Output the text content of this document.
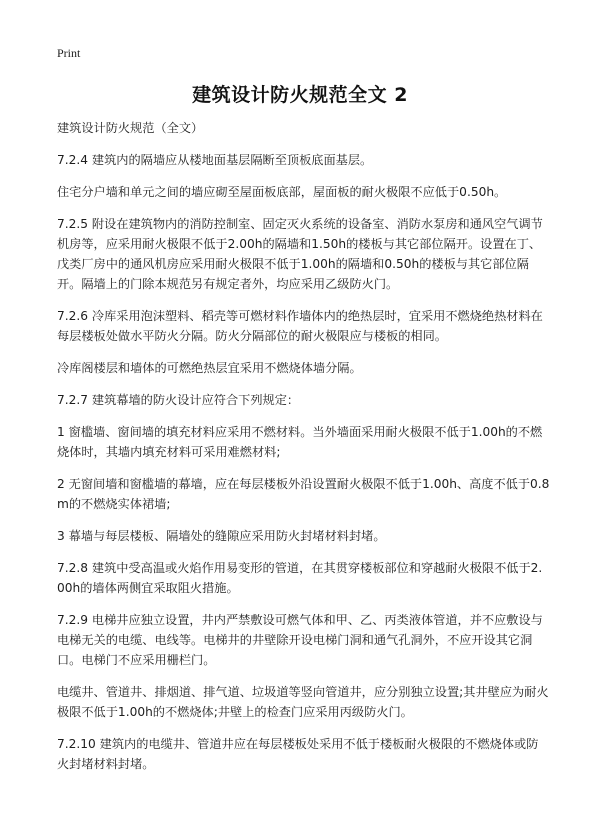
Print
建筑设计防火规范全文 2

建筑设计防火规范（全文）

7.2.4 建筑内的隔墙应从楼地面基层隔断至顶板底面基层。

住宅分户墙和单元之间的墙应砌至屋面板底部，屋面板的耐火极限不应低于0.50h。

7.2.5 附设在建筑物内的消防控制室、固定灭火系统的设备室、消防水泵房和通风空气调节机房等，应采用耐火极限不低于2.00h的隔墙和1.50h的楼板与其它部位隔开。设置在丁、戊类厂房中的通风机房应采用耐火极限不低于1.00h的隔墙和0.50h的楼板与其它部位隔开。隔墙上的门除本规范另有规定者外，均应采用乙级防火门。

7.2.6 冷库采用泡沫塑料、稻壳等可燃材料作墙体内的绝热层时，宜采用不燃烧绝热材料在每层楼板处做水平防火分隔。防火分隔部位的耐火极限应与楼板的相同。

冷库阁楼层和墙体的可燃绝热层宜采用不燃烧体墙分隔。

7.2.7 建筑幕墙的防火设计应符合下列规定：

1 窗槛墙、窗间墙的填充材料应采用不燃材料。当外墙面采用耐火极限不低于1.00h的不燃烧体时，其墙内填充材料可采用难燃材料;

2 无窗间墙和窗槛墙的幕墙，应在每层楼板外沿设置耐火极限不低于1.00h、高度不低于0.8m的不燃烧实体裙墙;

3 幕墙与每层楼板、隔墙处的缝隙应采用防火封堵材料封堵。

7.2.8 建筑中受高温或火焰作用易变形的管道，在其贯穿楼板部位和穿越耐火极限不低于2.00h的墙体两侧宜采取阻火措施。

7.2.9 电梯井应独立设置，井内严禁敷设可燃气体和甲、乙、丙类液体管道，并不应敷设与电梯无关的电缆、电线等。电梯井的井壁除开设电梯门洞和通气孔洞外，不应开设其它洞口。电梯门不应采用栅栏门。

电缆井、管道井、排烟道、排气道、垃圾道等竖向管道井，应分别独立设置;其井壁应为耐火极限不低于1.00h的不燃烧体;井壁上的检查门应采用丙级防火门。

7.2.10 建筑内的电缆井、管道井应在每层楼板处采用不低于楼板耐火极限的不燃烧体或防火封堵材料封堵。
